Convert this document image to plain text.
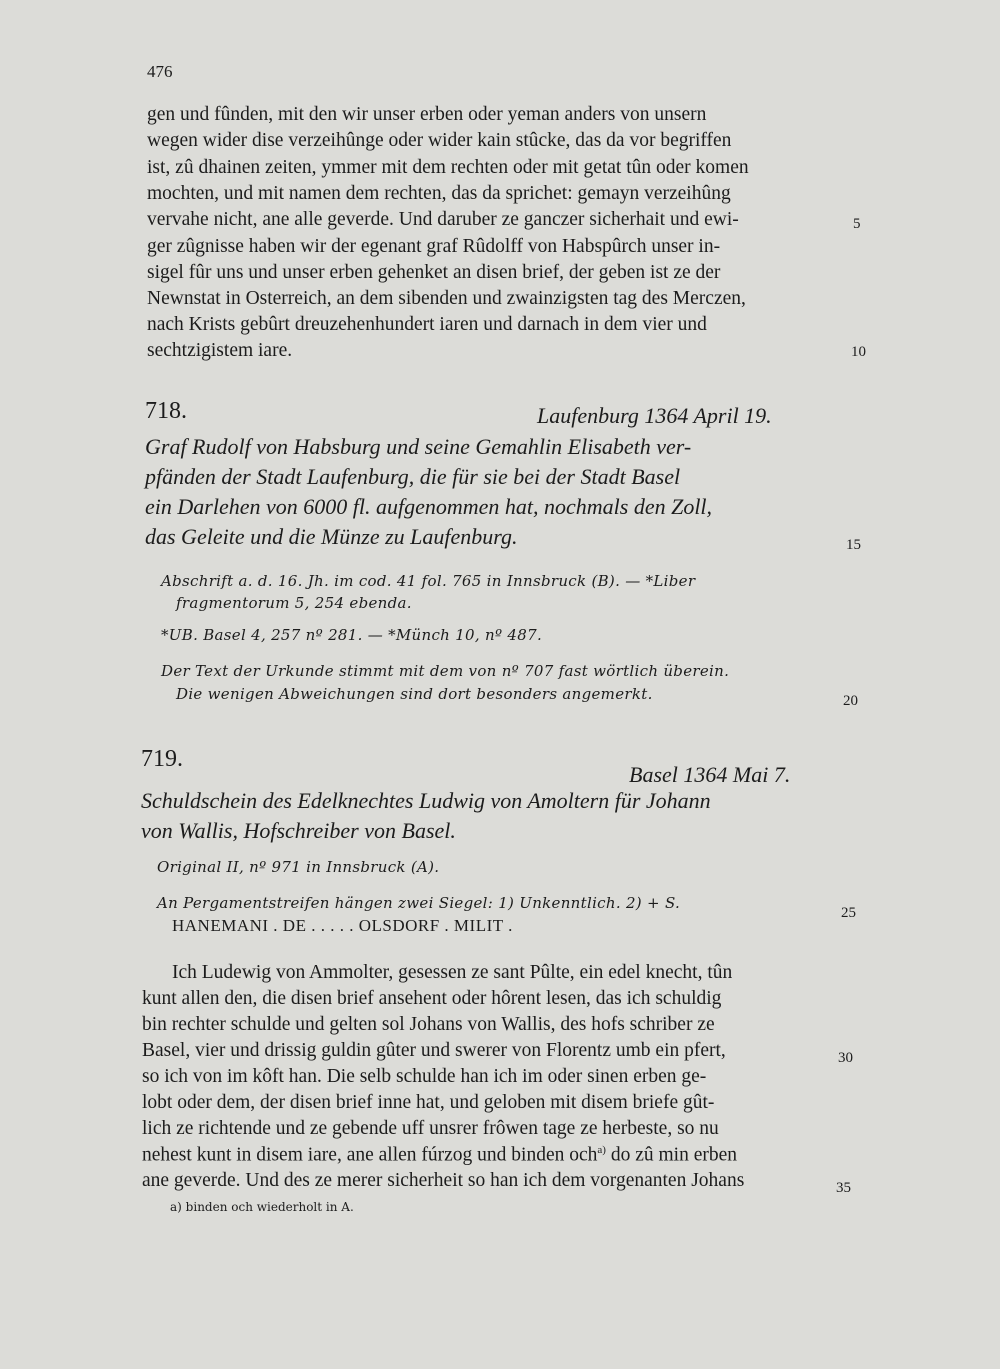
476
gen und fûnden, mit den wir unser erben oder yeman anders von unsern
wegen wider dise verzeihûnge oder wider kain stûcke, das da vor begriffen
ist, zû dhainen zeiten, ymmer mit dem rechten oder mit getat tûn oder komen
mochten, und mit namen dem rechten, das da sprichet: gemayn verzeihûng
vervahe nicht, ane alle geverde. Und daruber ze ganczer sicherhait und ewi-
ger zûgnisse haben wir der egenant graf Rûdolff von Habspûrch unser in-
sigel fûr uns und unser erben gehenket an disen brief, der geben ist ze der
Newnstat in Osterreich, an dem sibenden und zwainzigsten tag des Merczen,
nach Krists gebûrt dreuzehenhundert iaren und darnach in dem vier und
sechtzigistem iare.
5
10
15
20
25
30
35
718.	Laufenburg 1364 April 19.
Graf Rudolf von Habsburg und seine Gemahlin Elisabeth ver-
pfänden der Stadt Laufenburg, die für sie bei der Stadt Basel
ein Darlehen von 6000 fl. aufgenommen hat, nochmals den Zoll,
das Geleite und die Münze zu Laufenburg.
Abschrift a. d. 16. Jh. im cod. 41 fol. 765 in Innsbruck (B). — *Liber
fragmentorum 5, 254 ebenda.
*UB. Basel 4, 257 nº 281. — *Münch 10, nº 487.
Der Text der Urkunde stimmt mit dem von nº 707 fast wörtlich überein.
Die wenigen Abweichungen sind dort besonders angemerkt.
719.
Basel 1364 Mai 7.
Schuldschein des Edelknechtes Ludwig von Amoltern für Johann
von Wallis, Hofschreiber von Basel.
Original II, nº 971 in Innsbruck (A).
An Pergamentstreifen hängen zwei Siegel: 1) Unkenntlich. 2) + S.
HANEMANI . DE . . . . . OLSDORF . MILIT .
Ich Ludewig von Ammolter, gesessen ze sant Pûlte, ein edel knecht, tûn
kunt allen den, die disen brief ansehent oder hôrent lesen, das ich schuldig
bin rechter schulde und gelten sol Johans von Wallis, des hofs schriber ze
Basel, vier und drissig guldin gûter und swerer von Florentz umb ein pfert,
so ich von im kôft han. Die selb schulde han ich im oder sinen erben ge-
lobt oder dem, der disen brief inne hat, und geloben mit disem briefe gût-
lich ze richtende und ze gebende uff unsrer frôwen tage ze herbeste, so nu
nehest kunt in disem iare, ane allen fúrzog und binden och$^{a)}$ do zû min erben
ane geverde. Und des ze merer sicherheit so han ich dem vorgenanten Johans
a) binden och wiederholt in A.
